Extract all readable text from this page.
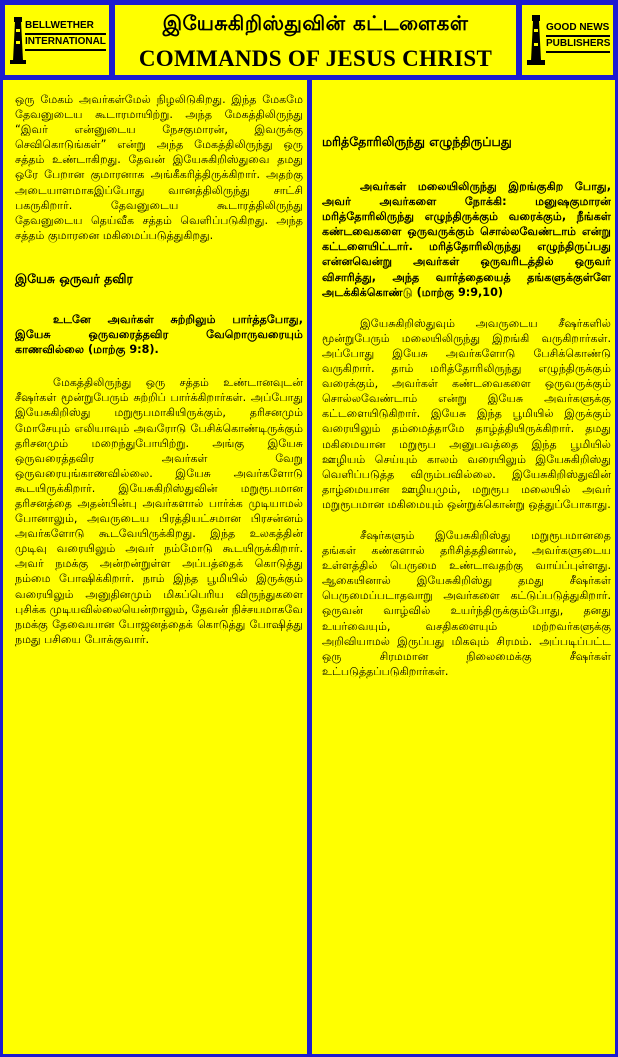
BELLWETHER
INTERNATIONAL
இயேசுகிறிஸ்துவின் கட்டளைகள்
COMMANDS OF JESUS CHRIST
GOOD NEWS
PUBLISHERS

ஒரு மேகம் அவர்கள்மேல் நிழலிடுகிறது. இந்த மேகமே தேவனுடைய கூடாரமாயிற்று. அந்த மேகத்திலிருந்து “இவர் என்னுடைய நேசகுமாரன், இவருக்கு செவிகொடுங்கள்” என்று அந்த மேகத்திலிருந்து ஒரு சத்தம் உண்டாகிறது. தேவன் இயேசுகிறிஸ்துவை தமது ஒரே பேறான குமாரனாக அங்கீகரித்திருக்கிறார். அதற்கு அடையாளமாகஇப்போது வானத்திலிருந்து சாட்சி பகருகிறார். தேவனுடைய கூடாரத்திலிருந்து தேவனுடைய தெய்வீக சத்தம் வெளிப்படுகிறது. அந்த சத்தம் குமாரனை மகிமைப்படுத்துகிறது.

இயேசு ஒருவர் தவிர

உடனே அவர்கள் சுற்றிலும் பார்த்தபோது, இயேசு ஒருவரைத்தவிர வேறொருவரையும் காணவில்லை (மாற்கு 9:8).

மேகத்திலிருந்து ஒரு சத்தம் உண்டானவுடன் சீஷர்கள் மூன்றுபேரும் சுற்றிப் பார்க்கிறார்கள். அப்போது இயேசுகிறிஸ்து மறுரூபமாகியிருக்கும், தரிசனமும் மோசேயும் எலியாவும் அவரோடு பேசிக்கொண்டிருக்கும் தரிசனமும் மறைந்துபோயிற்று. அங்கு இயேசு ஒருவரைத்தவிர அவர்கள் வேறு ஒருவரையுங்காணவில்லை. இயேசு அவர்களோடு கூடயிருக்கிறார். இயேசுகிறிஸ்துவின் மறுரூபமான தரிசனத்தை அதன்பின்பு அவர்களால் பார்க்க முடியாமல் போனாலும், அவருடைய பிரத்தியட்சமான பிரசன்னம் அவர்களோடு கூடவேயிருக்கிறது. இந்த உலகத்தின் முடிவு வரையிலும் அவர் நம்மோடு கூடயிருக்கிறார். அவர் நமக்கு அன்றன்றுள்ள அப்பத்தைக் கொடுத்து நம்மை போஷிக்கிறார். நாம் இந்த பூமியில் இருக்கும் வரையிலும் அனுதினமும் மிகப்பெரிய விருந்துகளை புசிக்க முடியவில்லையென்றாலும், தேவன் நிச்சயமாகவே நமக்கு தேவையான போஜனத்தைக் கொடுத்து போஷித்து நமது பசியை போக்குவார்.

மரித்தோரிலிருந்து எழுந்திருப்பது

அவர்கள் மலையிலிருந்து இறங்குகிற போது, அவர் அவர்களை நோக்கி: மனுஷகுமாரன் மரித்தோரிலிருந்து எழுந்திருக்கும் வரைக்கும், நீங்கள் கண்டவைகளை ஒருவருக்கும் சொல்லவேண்டாம் என்று கட்டளையிட்டார். மரித்தோரிலிருந்து எழுந்திருப்பது என்னவென்று அவர்கள் ஒருவரிடத்தில் ஒருவர் விசாரித்து, அந்த வார்த்தையைத் தங்களுக்குள்ளே அடக்கிக்கொண்டு (மாற்கு 9:9,10)

இயேசுகிறிஸ்துவும் அவருடைய சீஷர்களில் மூன்றுபேரும் மலையிலிருந்து இறங்கி வருகிறார்கள். அப்போது இயேசு அவர்களோடு பேசிக்கொண்டு வருகிறார். தாம் மரித்தோரிலிருந்து எழுந்திருக்கும் வரைக்கும், அவர்கள் கண்டவைகளை ஒருவருக்கும் சொல்லவேண்டாம் என்று இயேசு அவர்களுக்கு கட்டளையிடுகிறார். இயேசு இந்த பூமியில் இருக்கும் வரையிலும் தம்மைத்தாமே தாழ்த்தியிருக்கிறார். தமது மகிமையான மறுரூப அனுபவத்தை இந்த பூமியில் ஊழியம் செய்யும் காலம் வரையிலும் இயேசுகிறிஸ்து வெளிப்படுத்த விரும்பவில்லை. இயேசுகிறிஸ்துவின் தாழ்மையான ஊழியமும், மறுரூப மலையில் அவர் மறுரூபமான மகிமையும் ஒன்றுக்கொன்று ஒத்துப்போகாது.

சீஷர்களும் இயேசுகிறிஸ்து மறுரூபமானதை தங்கள் கண்களால் தரிசித்ததினால், அவர்களுடைய உள்ளத்தில் பெருமை உண்டாவதற்கு வாய்ப்புள்ளது. ஆகையினால் இயேசுகிறிஸ்து தமது சீஷர்கள் பெருமைப்படாதவாறு அவர்களை கட்டுப்படுத்துகிறார். ஒருவன் வாழ்வில் உயர்ந்திருக்கும்போது, தனது உயர்வையும், வசதிகளையும் மற்றவர்களுக்கு அறிவியாமல் இருப்பது மிகவும் சிரமம். அப்படிப்பட்ட ஒரு சிரமமான நிலைமைக்கு சீஷர்கள் உட்படுத்தப்படுகிறார்கள்.
